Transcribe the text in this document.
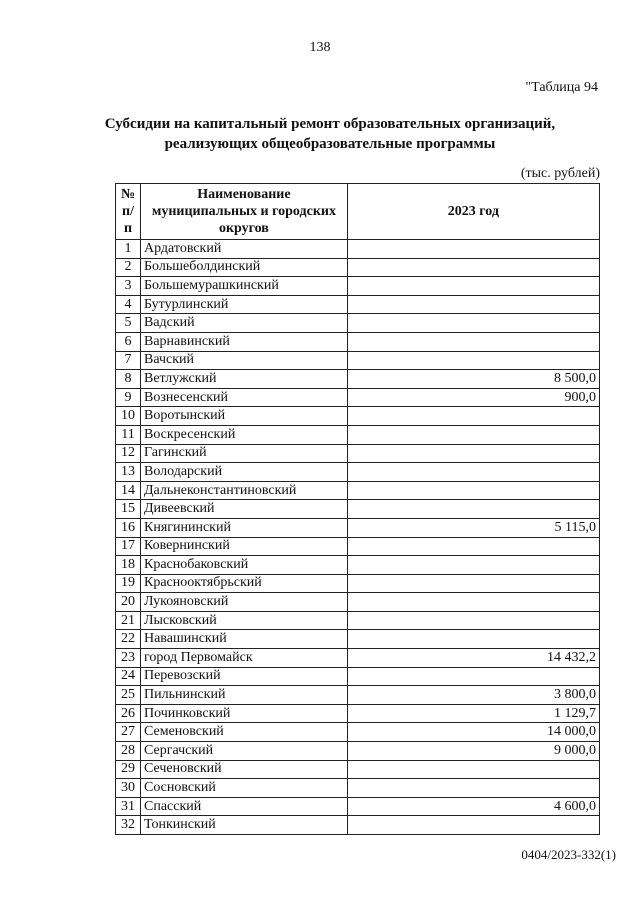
138
"Таблица 94
Субсидии на капитальный ремонт образовательных организаций,
реализующих общеобразовательные программы
(тыс. рублей)
№ п/п	Наименование муниципальных и городских округов	2023 год
1	Ардатовский	
2	Большеболдинский	
3	Большемурашкинский	
4	Бутурлинский	
5	Вадский	
6	Варнавинский	
7	Вачский	
8	Ветлужский	8 500,0
9	Вознесенский	900,0
10	Воротынский	
11	Воскресенский	
12	Гагинский	
13	Володарский	
14	Дальнеконстантиновский	
15	Дивеевский	
16	Княгининский	5 115,0
17	Ковернинский	
18	Краснобаковский	
19	Краснооктябрьский	
20	Лукояновский	
21	Лысковский	
22	Навашинский	
23	город Первомайск	14 432,2
24	Перевозский	
25	Пильнинский	3 800,0
26	Починковский	1 129,7
27	Семеновский	14 000,0
28	Сергачский	9 000,0
29	Сеченовский	
30	Сосновский	
31	Спасский	4 600,0
32	Тонкинский	
0404/2023-332(1)
